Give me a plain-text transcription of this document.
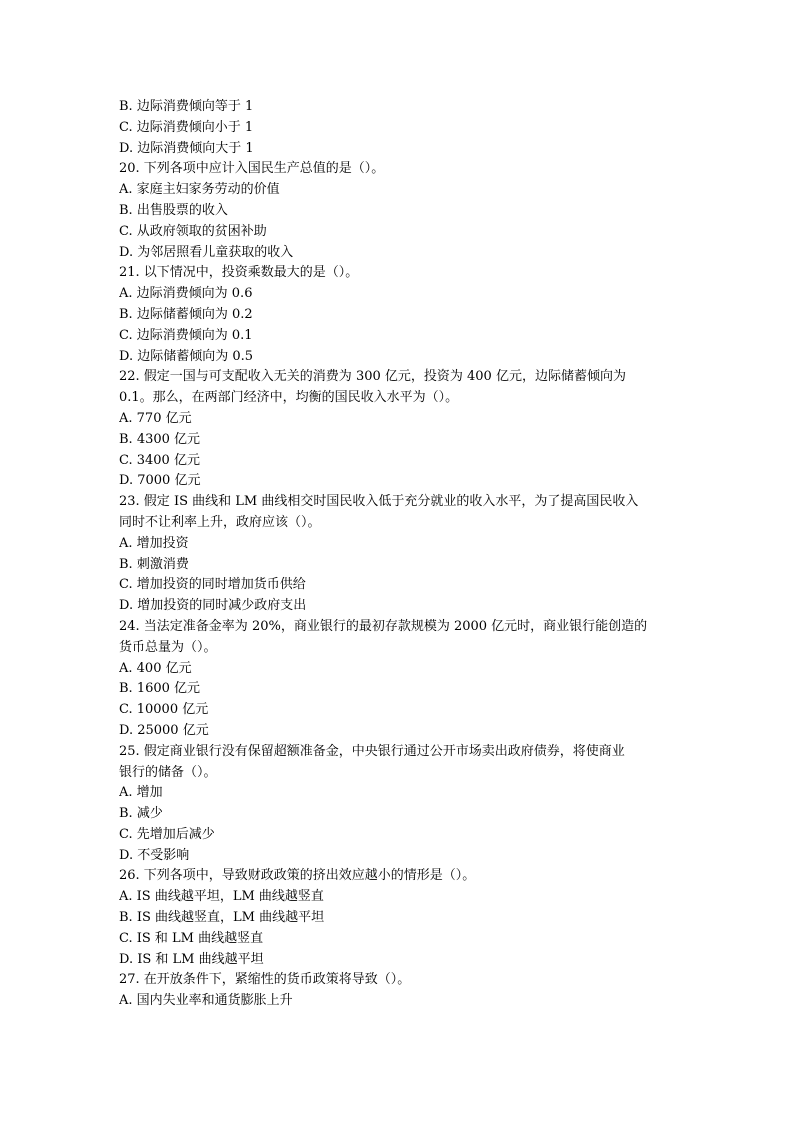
B. 边际消费倾向等于 1
C. 边际消费倾向小于 1
D. 边际消费倾向大于 1
20. 下列各项中应计入国民生产总值的是（）。
A. 家庭主妇家务劳动的价值
B. 出售股票的收入
C. 从政府领取的贫困补助
D. 为邻居照看儿童获取的收入
21. 以下情况中，投资乘数最大的是（）。
A. 边际消费倾向为 0.6
B. 边际储蓄倾向为 0.2
C. 边际消费倾向为 0.1
D. 边际储蓄倾向为 0.5
22. 假定一国与可支配收入无关的消费为 300 亿元，投资为 400 亿元，边际储蓄倾向为
0.1。那么，在两部门经济中，均衡的国民收入水平为（）。
A. 770 亿元
B. 4300 亿元
C. 3400 亿元
D. 7000 亿元
23. 假定 IS 曲线和 LM 曲线相交时国民收入低于充分就业的收入水平，为了提高国民收入
同时不让利率上升，政府应该（）。
A. 增加投资
B. 刺激消费
C. 增加投资的同时增加货币供给
D. 增加投资的同时减少政府支出
24. 当法定准备金率为 20%，商业银行的最初存款规模为 2000 亿元时，商业银行能创造的
货币总量为（）。
A. 400 亿元
B. 1600 亿元
C. 10000 亿元
D. 25000 亿元
25. 假定商业银行没有保留超额准备金，中央银行通过公开市场卖出政府债券，将使商业
银行的储备（）。
A. 增加
B. 减少
C. 先增加后减少
D. 不受影响
26. 下列各项中，导致财政政策的挤出效应越小的情形是（）。
A. IS 曲线越平坦，LM 曲线越竖直
B. IS 曲线越竖直，LM 曲线越平坦
C. IS 和 LM 曲线越竖直
D. IS 和 LM 曲线越平坦
27. 在开放条件下，紧缩性的货币政策将导致（）。
A. 国内失业率和通货膨胀上升
